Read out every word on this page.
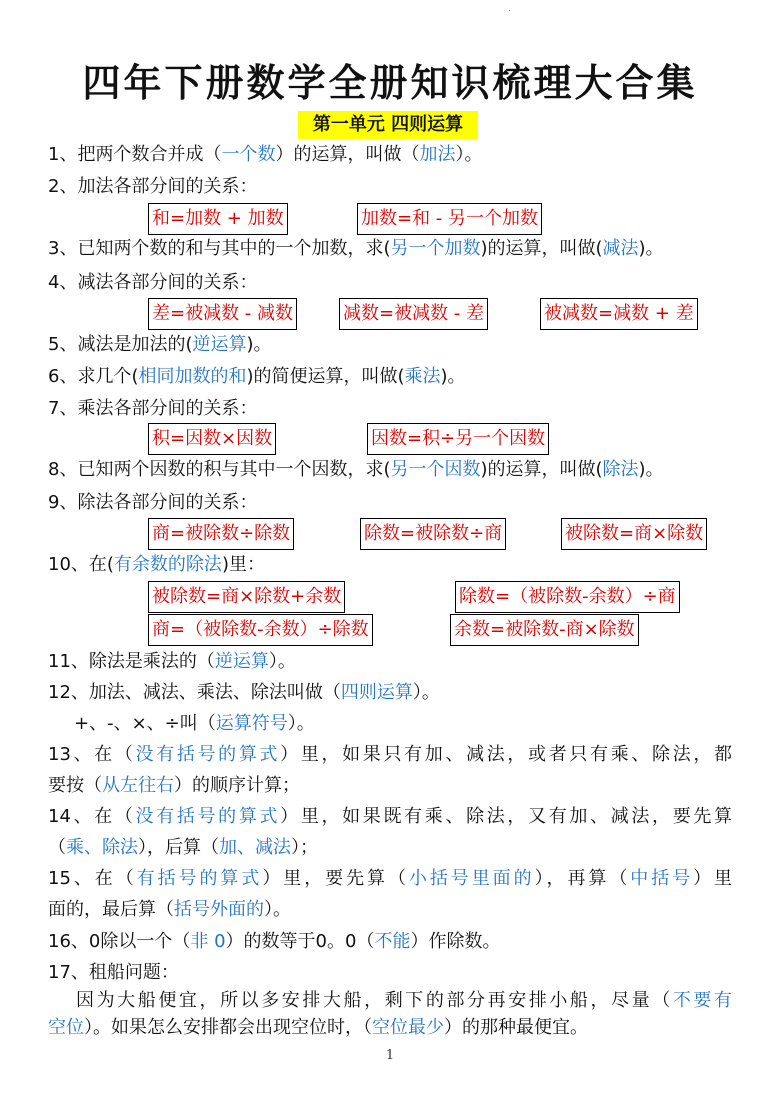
.
四年下册数学全册知识梳理大合集
第一单元 四则运算
1、把两个数合并成（一个数）的运算，叫做（加法）。
2、加法各部分间的关系：
和=加数 + 加数	加数=和 - 另一个加数
3、已知两个数的和与其中的一个加数，求(另一个加数)的运算，叫做(减法)。
4、减法各部分间的关系：
差=被减数 - 减数	减数=被减数 - 差	被减数=减数 + 差
5、减法是加法的(逆运算)。
6、求几个(相同加数的和)的简便运算，叫做(乘法)。
7、乘法各部分间的关系：
积=因数×因数	因数=积÷另一个因数
8、已知两个因数的积与其中一个因数，求(另一个因数)的运算，叫做(除法)。
9、除法各部分间的关系：
商=被除数÷除数	除数=被除数÷商	被除数=商×除数
10、在(有余数的除法)里：
被除数=商×除数+余数	除数=（被除数-余数）÷商
商=（被除数-余数）÷除数	余数=被除数-商×除数
11、除法是乘法的（逆运算）。
12、加法、减法、乘法、除法叫做（四则运算）。
+、-、×、÷叫（运算符号）。
13、在（没有括号的算式）里，如果只有加、减法，或者只有乘、除法，都
要按（从左往右）的顺序计算；
14、在（没有括号的算式）里，如果既有乘、除法，又有加、减法，要先算
（乘、除法），后算（加、减法）；
15、在（有括号的算式）里，要先算（小括号里面的），再算（中括号）里
面的，最后算（括号外面的）。
16、0除以一个（非 0）的数等于0。0（不能）作除数。
17、租船问题：
因为大船便宜，所以多安排大船，剩下的部分再安排小船，尽量（不要有
空位）。如果怎么安排都会出现空位时，（空位最少）的那种最便宜。
1
